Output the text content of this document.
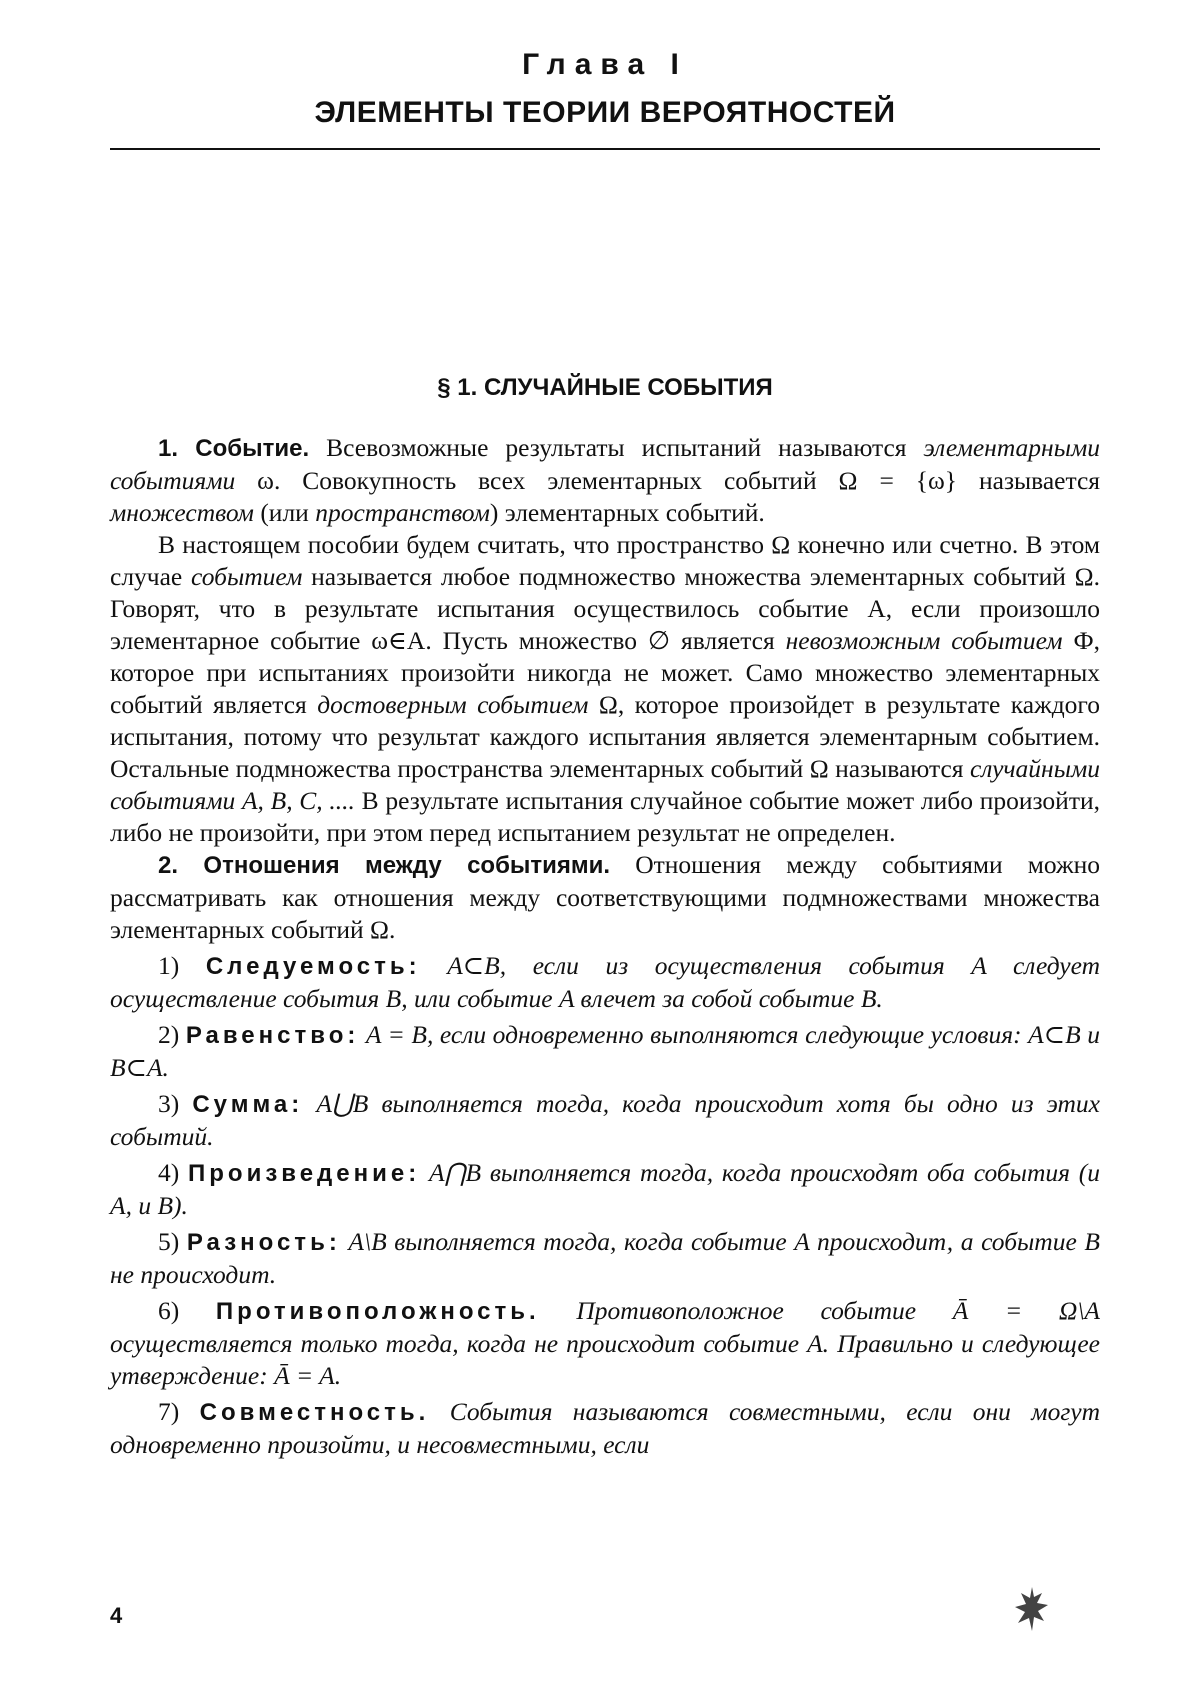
Глава I
ЭЛЕМЕНТЫ ТЕОРИИ ВЕРОЯТНОСТЕЙ
§ 1. СЛУЧАЙНЫЕ СОБЫТИЯ

1. Событие. Всевозможные результаты испытаний называются элементарными событиями ω. Совокупность всех элементарных событий Ω = {ω} называется множеством (или пространством) элементарных событий.

В настоящем пособии будем считать, что пространство Ω конечно или счетно. В этом случае событием называется любое подмножество множества элементарных событий Ω. Говорят, что в результате испытания осуществилось событие A, если произошло элементарное событие ω∈A. Пусть множество ∅ является невозможным событием Ф, которое при испытаниях произойти никогда не может. Само множество элементарных событий является достоверным событием Ω, которое произойдет в результате каждого испытания, потому что результат каждого испытания является элементарным событием. Остальные подмножества пространства элементарных событий Ω называются случайными событиями A, B, C, .... В результате испытания случайное событие может либо произойти, либо не произойти, при этом перед испытанием результат не определен.

2. Отношения между событиями. Отношения между событиями можно рассматривать как отношения между соответствующими подмножествами множества элементарных событий Ω.

1) Следуемость: A⊂B, если из осуществления события A следует осуществление события B, или событие A влечет за собой событие B.

2) Равенство: A = B, если одновременно выполняются следующие условия: A⊂B и B⊂A.

3) Сумма: A⋃B выполняется тогда, когда происходит хотя бы одно из этих событий.

4) Произведение: A⋂B выполняется тогда, когда происходят оба события (и A, и B).

5) Разность: A\B выполняется тогда, когда событие A происходит, а событие B не происходит.

6) Противоположность. Противоположное событие Ā = Ω\A осуществляется только тогда, когда не происходит событие A. Правильно и следующее утверждение: Ā = A.

7) Совместность. События называются совместными, если они могут одновременно произойти, и несовместными, если

4
